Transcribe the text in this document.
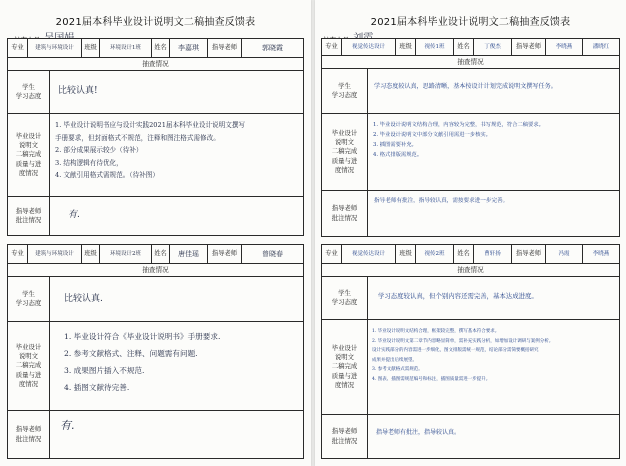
2021届本科毕业设计说明文二稿抽查反馈表
专业	建筑与环境设计	班级	环境设计1班	姓名	李嘉琪	指导老师	郭晓霞
抽查情况
学生
学习态度	比较认真!
毕业设计
说明文
二稿完成
质量与进
度情况
1. 毕业设计说明书应与设计实践2021届本科毕业设计说明文撰写
手册要求，但封面格式不规范，注释和图注格式需修改。
2. 部分成果展示较少（待补）
3. 结构逻辑有待优化，
4. 文献引用格式需规范。（待补图）
指导老师
批注情况	有.
专业	建筑与环境设计	班级	环境设计2班	姓名	唐佳瑶	指导老师	曾晓春
抽查情况
学生
学习态度	比较认真.
毕业设计
说明文
二稿完成
质量与进
度情况
1. 毕业设计符合《毕业设计说明书》手册要求.
2. 参考文献格式、注释、问题需有问题.
3. 成果图片插入不规范.
4. 插图文献待完善.
指导老师
批注情况
有.
2021届本科毕业设计说明文二稿抽查反馈表
专业	视觉传达设计	班级	视传1班	姓名	丁俊杰	指导老师	李晓燕	潘晓红
抽查情况
学生
学习态度
学习态度较认真，思路清晰，基本按设计计划完成说明文撰写任务。
毕业设计
说明文
二稿完成
质量与进
度情况
1. 毕业设计说明文结构合理，内容较为完整，书写规范，符合二稿要求。
2. 毕业设计说明文中部分文献引用需进一步核实。
3. 插图需要补充。
4. 格式排版需规范。
指导老师
批注情况
指导老师有批注，指导较认真，需按要求进一步完善。
专业	视觉传达设计	班级	视传2班	姓名	曹轩扬	指导老师	冯霞	李晓燕
抽查情况
学生
学习态度
学习态度较认真，但个别内容还需完善，基本达成进度。
毕业设计
说明文
二稿完成
质量与进
度情况
1. 毕业设计说明文结构合理，框架较完整，撰写基本符合要求。
2. 毕业设计说明文第二章节内容略显简单，需补充实践分析，如增加设计调研与案例分析。
设计实践部分的内容需进一步细化，图文排版需统一规范，结论部分需简要概括研究
成果并提出后续展望。
3. 参考文献格式需规范。
4. 图表、插图需规范编号和标注，插图质量需进一步提升。
指导老师
批注情况
指导老师有批注，指导较认真。
